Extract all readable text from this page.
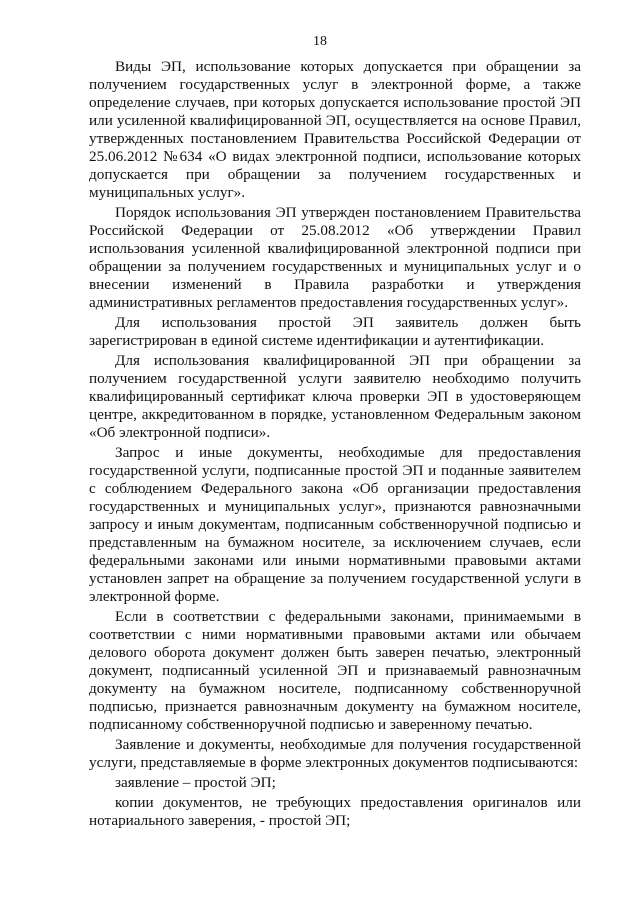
18

Виды ЭП, использование которых допускается при обращении за получением государственных услуг в электронной форме, а также определение случаев, при которых допускается использование простой ЭП или усиленной квалифицированной ЭП, осуществляется на основе Правил, утвержденных постановлением Правительства Российской Федерации от 25.06.2012 №634 «О видах электронной подписи, использование которых допускается при обращении за получением государственных и муниципальных услуг».

Порядок использования ЭП утвержден постановлением Правительства Российской Федерации от 25.08.2012 «Об утверждении Правил использования усиленной квалифицированной электронной подписи при обращении за получением государственных и муниципальных услуг и о внесении изменений в Правила разработки и утверждения административных регламентов предоставления государственных услуг».

Для использования простой ЭП заявитель должен быть зарегистрирован в единой системе идентификации и аутентификации.

Для использования квалифицированной ЭП при обращении за получением государственной услуги заявителю необходимо получить квалифицированный сертификат ключа проверки ЭП в удостоверяющем центре, аккредитованном в порядке, установленном Федеральным законом «Об электронной подписи».

Запрос и иные документы, необходимые для предоставления государственной услуги, подписанные простой ЭП и поданные заявителем с соблюдением Федерального закона «Об организации предоставления государственных и муниципальных услуг», признаются равнозначными запросу и иным документам, подписанным собственноручной подписью и представленным на бумажном носителе, за исключением случаев, если федеральными законами или иными нормативными правовыми актами установлен запрет на обращение за получением государственной услуги в электронной форме.

Если в соответствии с федеральными законами, принимаемыми в соответствии с ними нормативными правовыми актами или обычаем делового оборота документ должен быть заверен печатью, электронный документ, подписанный усиленной ЭП и признаваемый равнозначным документу на бумажном носителе, подписанному собственноручной подписью, признается равнозначным документу на бумажном носителе, подписанному собственноручной подписью и заверенному печатью.

Заявление и документы, необходимые для получения государственной услуги, представляемые в форме электронных документов подписываются:

заявление – простой ЭП;

копии документов, не требующих предоставления оригиналов или нотариального заверения, - простой ЭП;
